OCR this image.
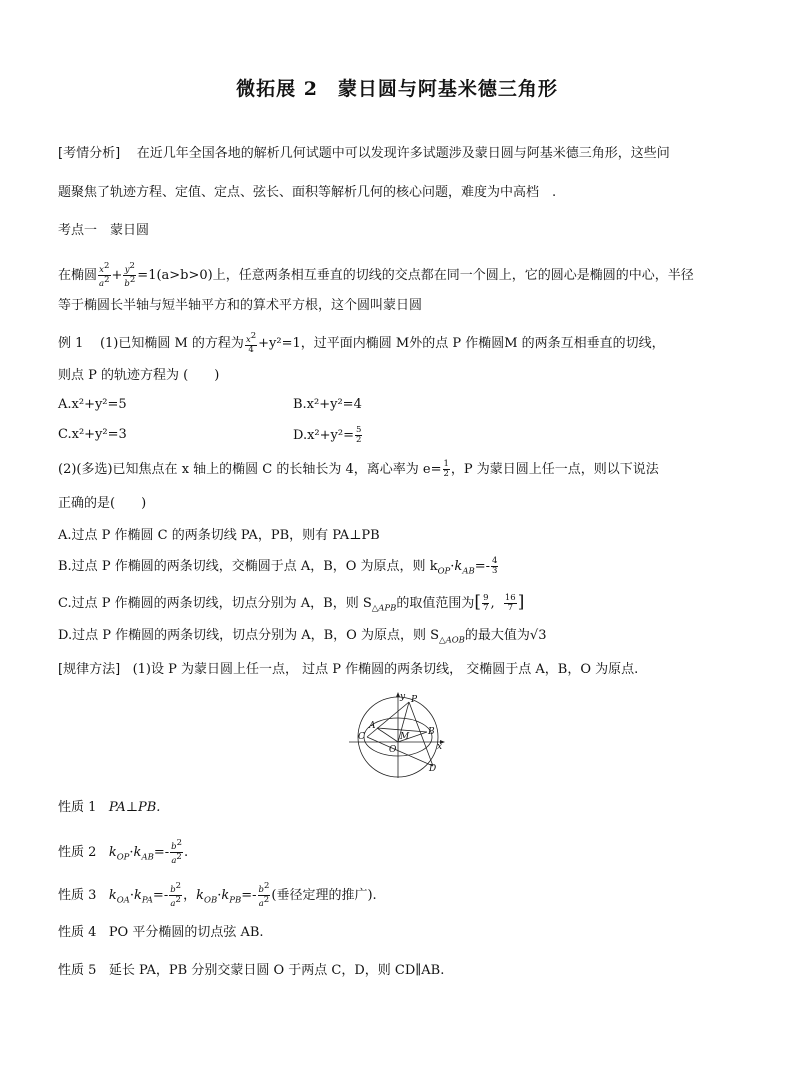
微拓展 2　蒙日圆与阿基米德三角形
[考情分析] 在近几年全国各地的解析几何试题中可以发现许多试题涉及蒙日圆与阿基米德三角形，这些问
题聚焦了轨迹方程、定值、定点、弦长、面积等解析几何的核心问题，难度为中高档　.
考点一　蒙日圆
在椭圆 $\frac{x^2}{a^2} + \frac{y^2}{b^2} =1(a>b>0)$上，任意两条相互垂直的切线的交点都在同一个圆上，它的圆心是椭圆的中心，半径
等于椭圆长半轴与短半轴平方和的算术平方根，这个圆叫蒙日圆
例 1 (1)已知椭圆 M 的方程为 $\frac{x^2}{4} +y^2=1$，过平面内椭圆 M外的点 P 作椭圆M 的两条互相垂直的切线，
则点 P 的轨迹方程为 (　　)
A.x²+y²=5	B.x²+y²=4
C.x²+y²=3	$D.x^2+y^2= \frac{5}{2}$
(2)(多选)已知焦点在 x 轴上的椭圆 C 的长轴长为 4，离心率为 $e= \frac{1}{2}$ ，P 为蒙日圆上任一点，则以下说法
正确的是(　　)
A.过点 P 作椭圆 C 的两条切线 PA，PB，则有 PA⊥PB
B.过点 P 作椭圆的两条切线，交椭圆于点 A，B，O 为原点，则 $k_{OP}\cdot k_{AB}=- \frac{4}{3}$
C.过点 P 作椭圆的两条切线，切点分别为 A，B，则 $S_{\triangle APB}$的取值范围为[ $\frac{9}{7}$ , $\frac{16}{7}$ ]
D.过点 P 作椭圆的两条切线，切点分别为 A，B，O 为原点，则 $S_{\triangle AOB}$的最大值为√3
[规律方法] (1)设 P 为蒙日圆上任一点， 过点 P 作椭圆的两条切线， 交椭圆于点 A，B，O 为原点.
y
x
P
A
C	M B
O
D
性质 1 PA⊥PB.
性质 2 $k_{OP}\cdot k_{AB}=- \frac{b^2}{a^2}$ .
性质 3 $k_{OA}\cdot k_{PA}=- \frac{b^2}{a^2}$ ，$k_{OB}\cdot k_{PB}=- \frac{b^2}{a^2}$ (垂径定理的推广).
性质 4 PO 平分椭圆的切点弦 AB.
性质 5 延长 PA，PB 分别交蒙日圆 O 于两点 C，D，则 CD∥AB.
